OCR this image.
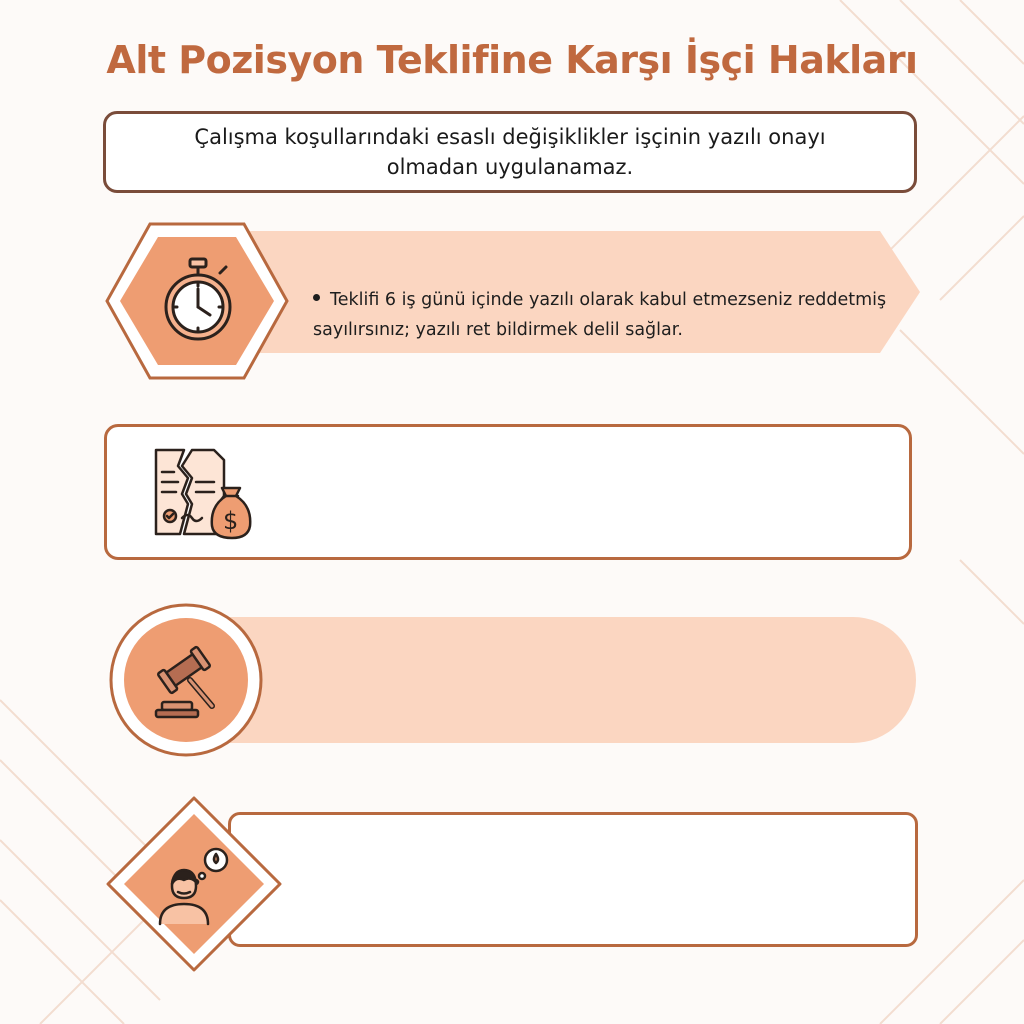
Alt Pozisyon Teklifine Karşı İşçi Hakları
Çalışma koşullarındaki esaslı değişiklikler işçinin yazılı onayı olmadan uygulanamaz.
Teklifi 6 iş günü içinde yazılı olarak kabul etmezseniz reddetmiş sayılırsınız; yazılı ret bildirmek delil sağlar.
$
